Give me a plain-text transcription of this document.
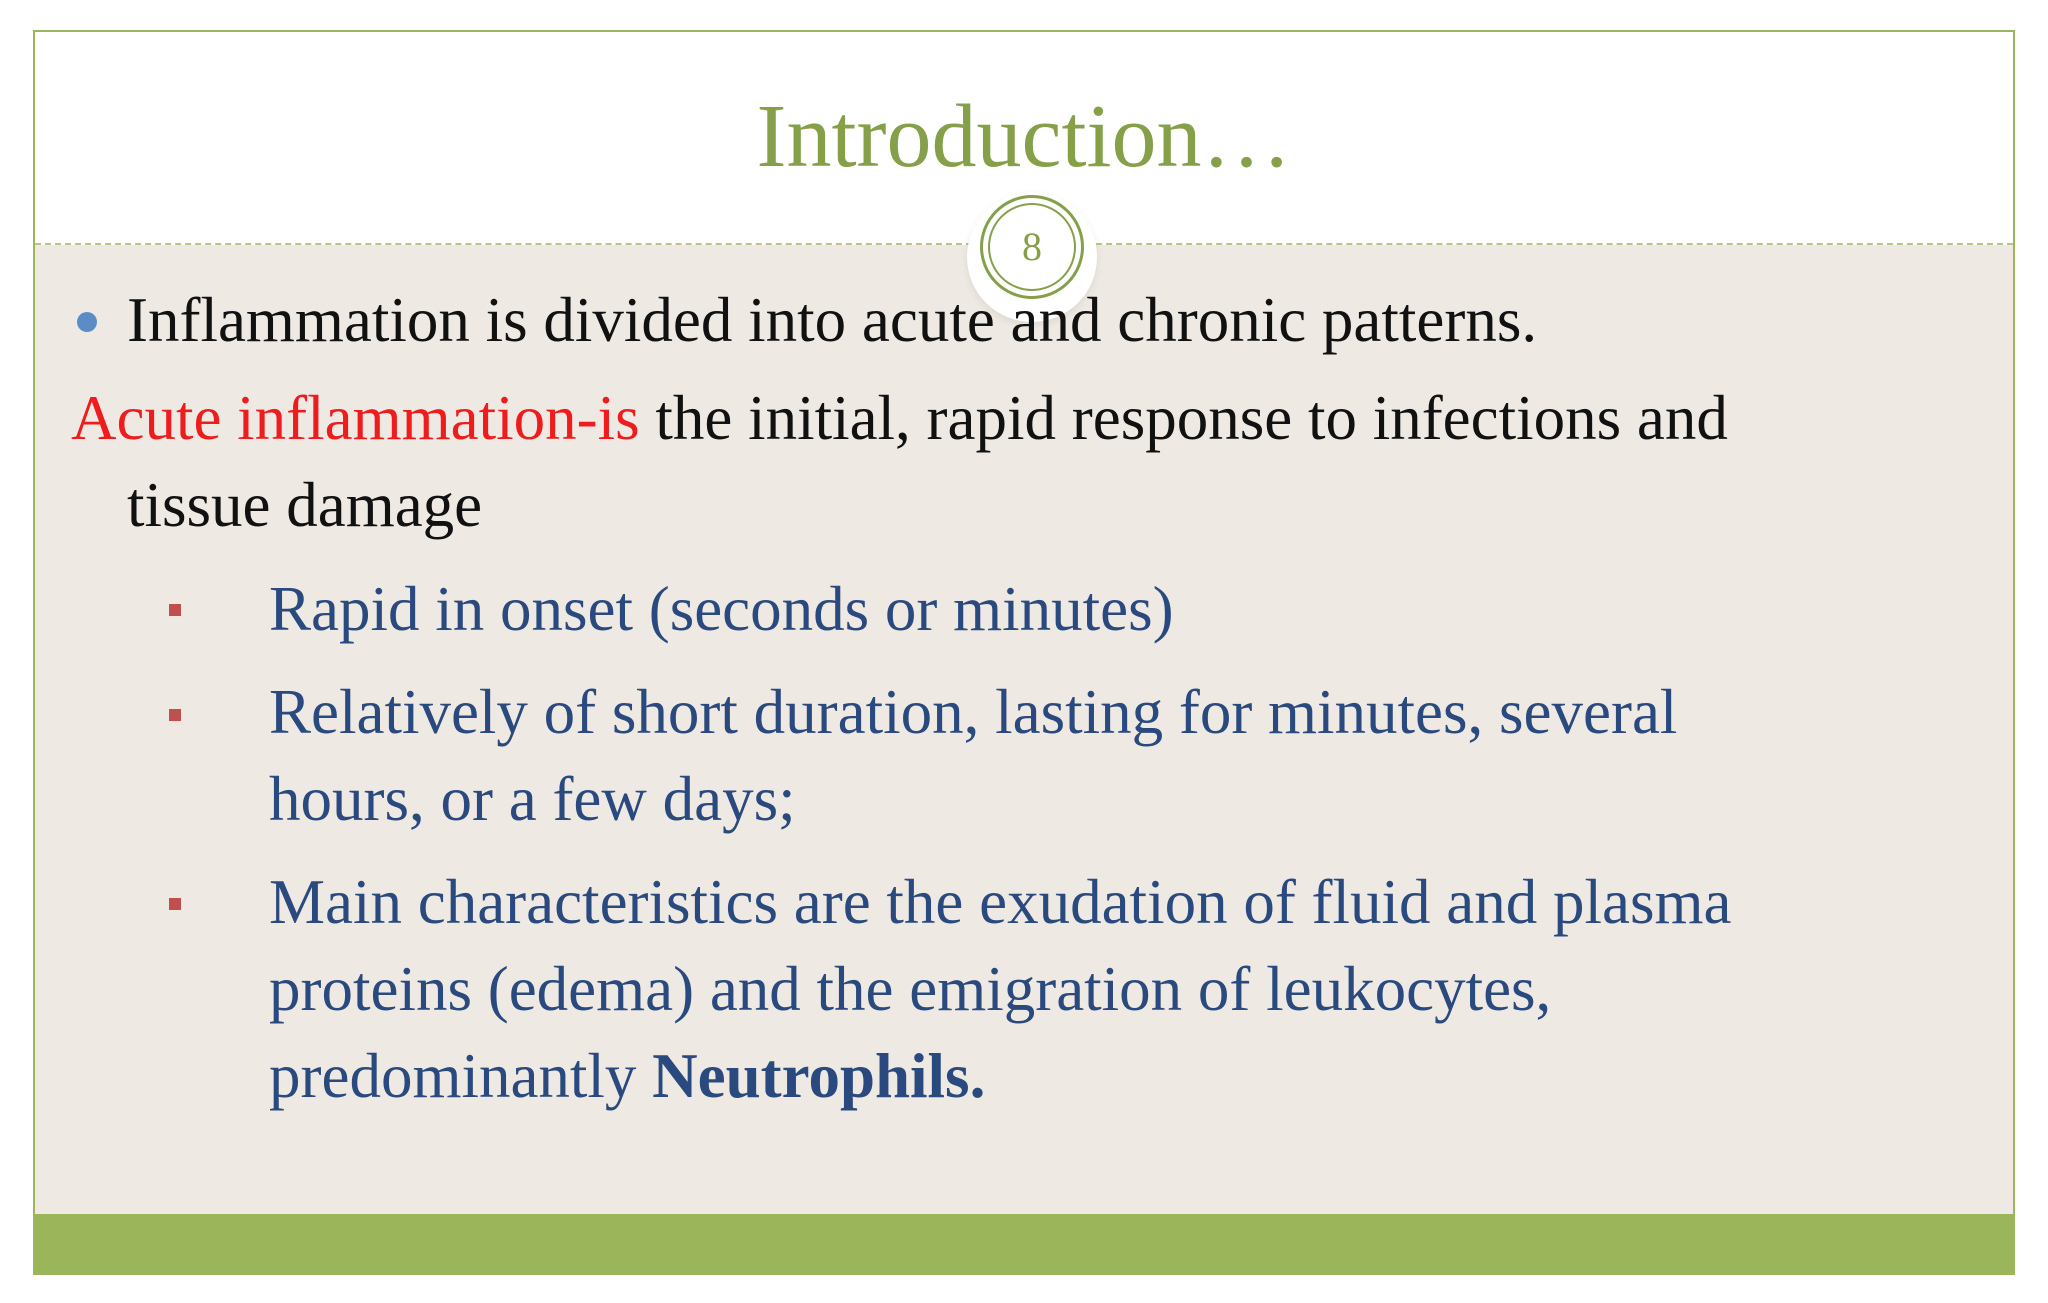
Introduction…
8
Inflammation is divided into acute and chronic patterns.
Acute inflammation-is the initial, rapid response to infections and
tissue damage
Rapid in onset (seconds or minutes)
Relatively of short duration, lasting for minutes, several
hours, or a few days;
Main characteristics are the exudation of fluid and plasma
proteins (edema) and the emigration of leukocytes,
predominantly Neutrophils.
